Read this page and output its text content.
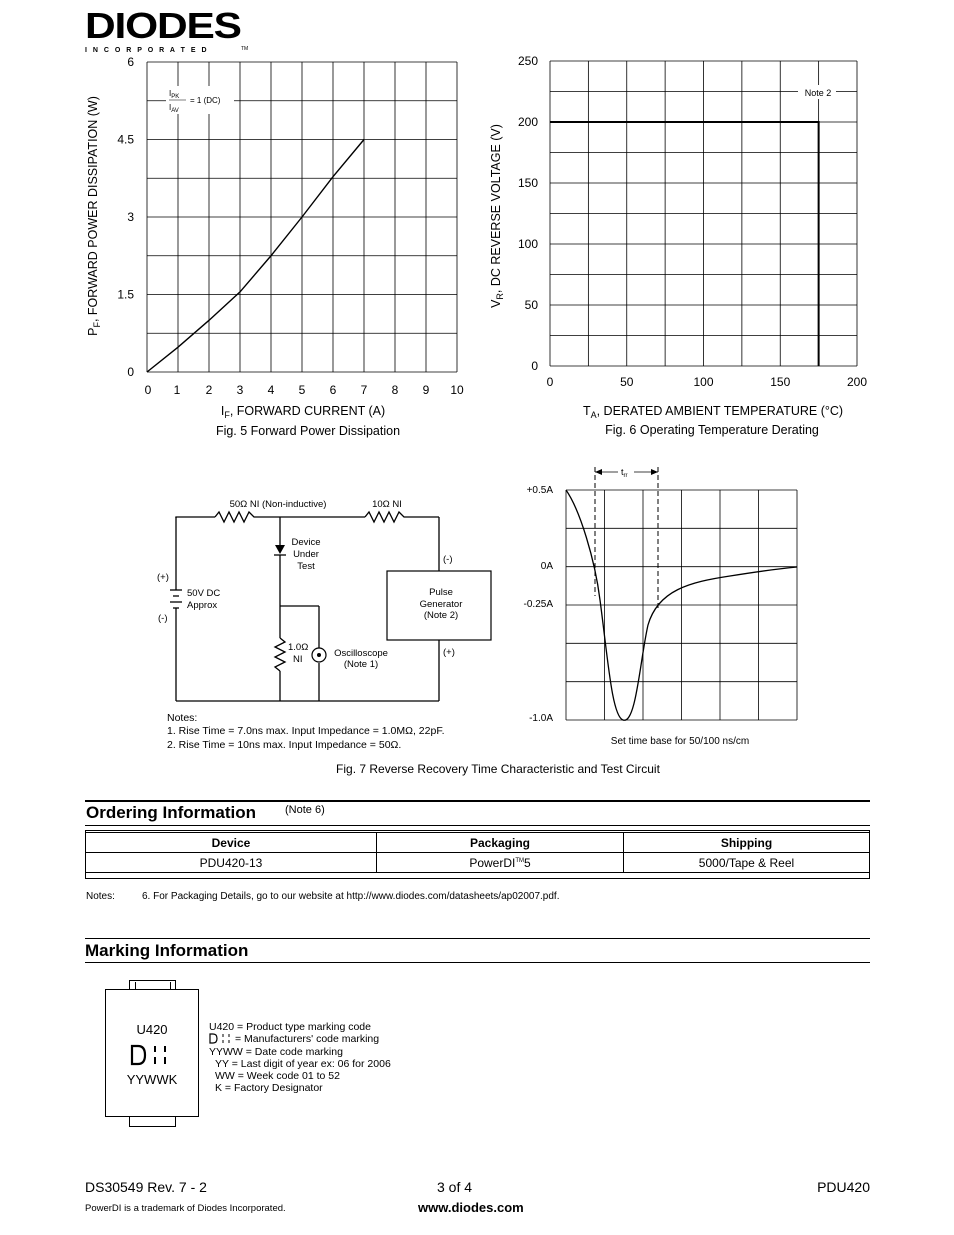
DIODES
I N C O R P O R A T E D	TM
0 1 2 3 4 5 6 7 8 9 10
0
1.5
3
4.5
6
$I_{PK}$
$I_{AV}$
= 1 (DC)
$I_F$, FORWARD CURRENT (A)
Fig. 5 Forward Power Dissipation
$P_F$, FORWARD POWER DISSIPATION (W)
0	50	100	150	200
0
50
100
150
200
250
Note 2
$T_A$, DERATED AMBIENT TEMPERATURE (°C)
Fig. 6 Operating Temperature Derating
$V_R$, DC REVERSE VOLTAGE (V)
50Ω NI (Non-inductive)	10Ω NI
Device
Under
Test
50V DC
Approx
(+)
(-)
(-)
(+)
Pulse
Generator
(Note 2)
1.0Ω
NI
Oscilloscope
(Note 1)
Notes:
1. Rise Time = 7.0ns max. Input Impedance = 1.0MΩ, 22pF.
2. Rise Time = 10ns max. Input Impedance = 50Ω.
$t_{rr}$
+0.5A
0A
-0.25A
-1.0A
Set time base for 50/100 ns/cm
Fig. 7 Reverse Recovery Time Characteristic and Test Circuit
Ordering Information	(Note 6)
Device	Packaging	Shipping
PDU420-13	PowerDI™5	5000/Tape & Reel
Notes:	6. For Packaging Details, go to our website at http://www.diodes.com/datasheets/ap02007.pdf.
Marking Information
U420
YYWWK
U420 = Product type marking code
= Manufacturers' code marking
YYWW = Date code marking
YY = Last digit of year ex: 06 for 2006
WW = Week code 01 to 52
K = Factory Designator
DS30549 Rev. 7 - 2	3 of 4	PDU420
PowerDI is a trademark of Diodes Incorporated.	www.diodes.com
